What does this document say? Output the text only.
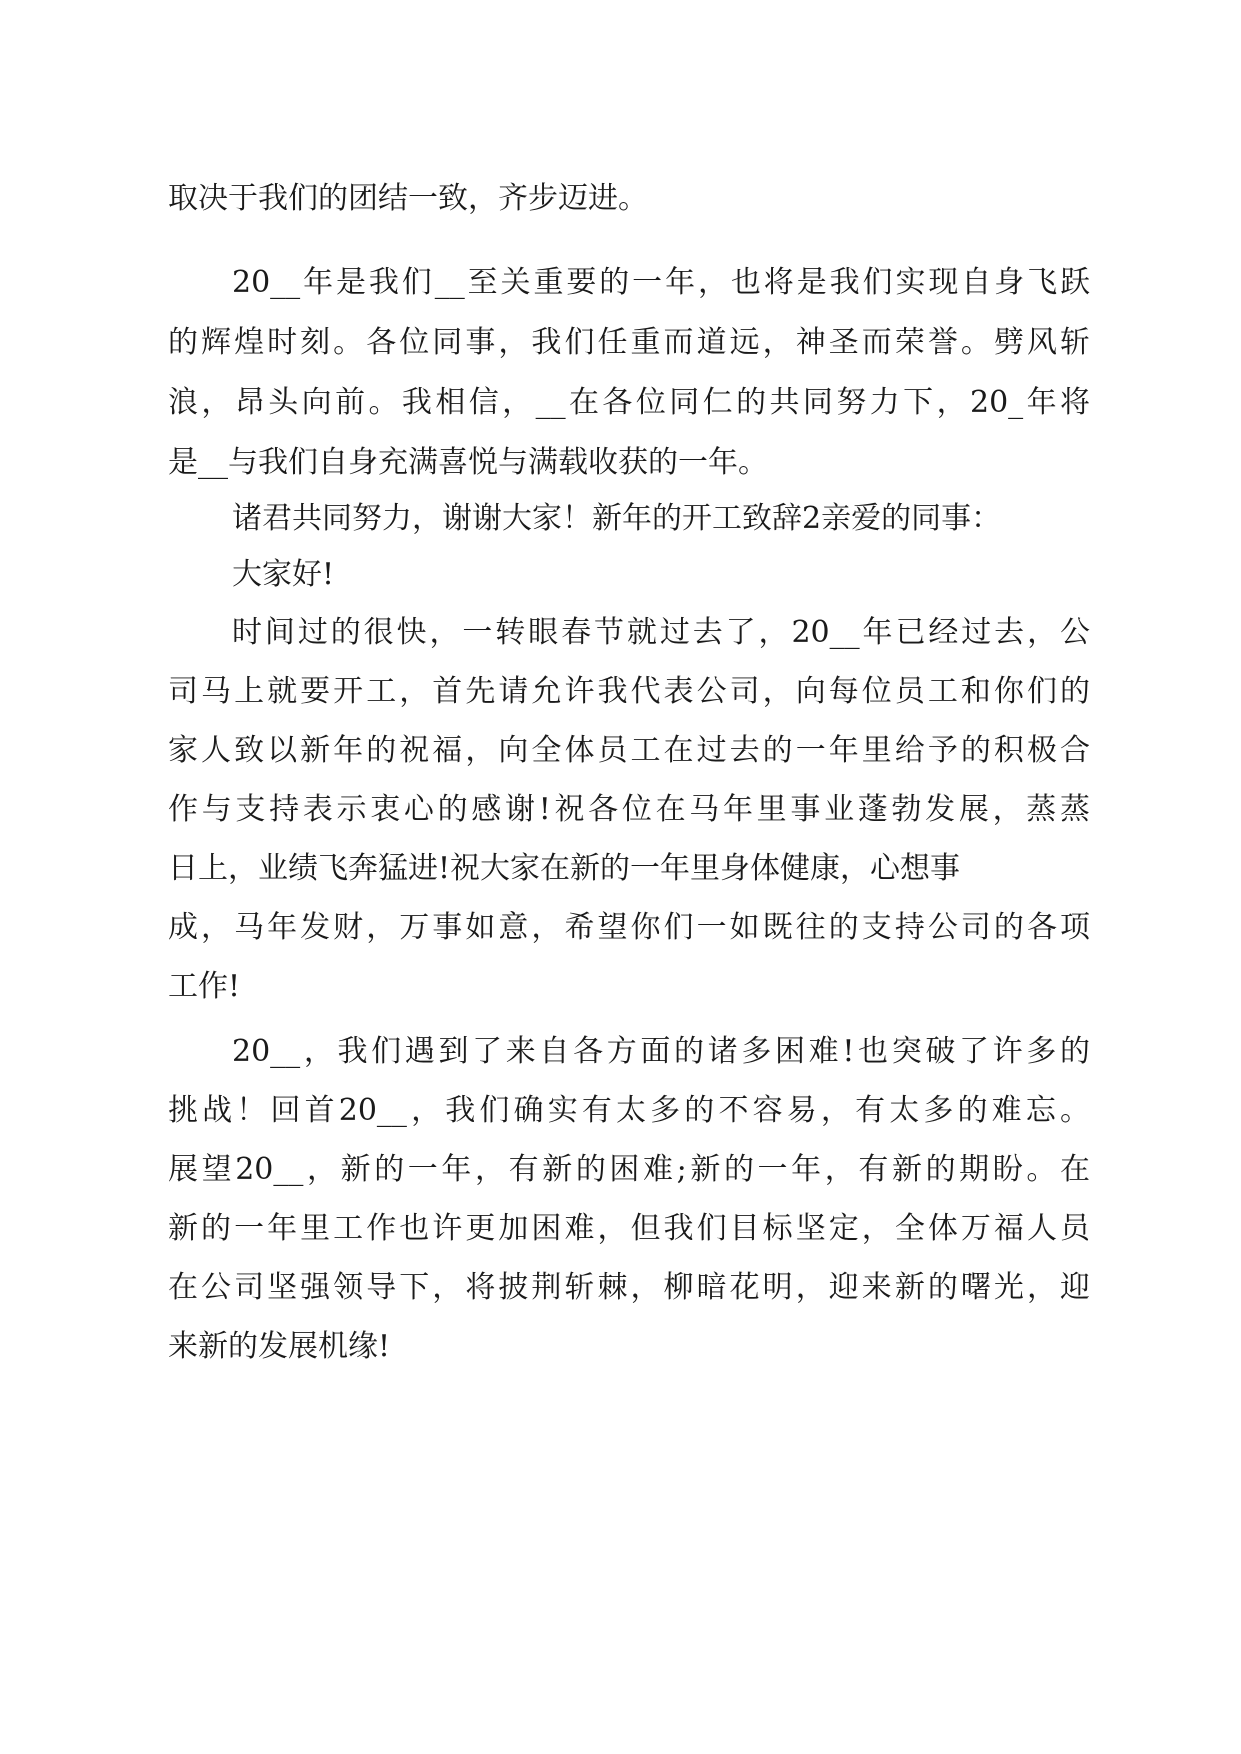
取决于我们的团结一致，齐步迈进。

20__年是我们__至关重要的一年，也将是我们实现自身飞跃

的辉煌时刻。各位同事，我们任重而道远，神圣而荣誉。劈风斩

浪，昂头向前。我相信，__在各位同仁的共同努力下，20_年将

是__与我们自身充满喜悦与满载收获的一年。

诸君共同努力，谢谢大家！新年的开工致辞2亲爱的同事：

大家好!

时间过的很快，一转眼春节就过去了，20__年已经过去，公

司马上就要开工，首先请允许我代表公司，向每位员工和你们的

家人致以新年的祝福，向全体员工在过去的一年里给予的积极合

作与支持表示衷心的感谢!祝各位在马年里事业蓬勃发展，蒸蒸

日上，业绩飞奔猛进!祝大家在新的一年里身体健康，心想事

成，马年发财，万事如意，希望你们一如既往的支持公司的各项

工作!

20__，我们遇到了来自各方面的诸多困难!也突破了许多的

挑战！回首20__，我们确实有太多的不容易，有太多的难忘。

展望20__，新的一年，有新的困难;新的一年，有新的期盼。在

新的一年里工作也许更加困难，但我们目标坚定，全体万福人员

在公司坚强领导下，将披荆斩棘，柳暗花明，迎来新的曙光，迎

来新的发展机缘!
